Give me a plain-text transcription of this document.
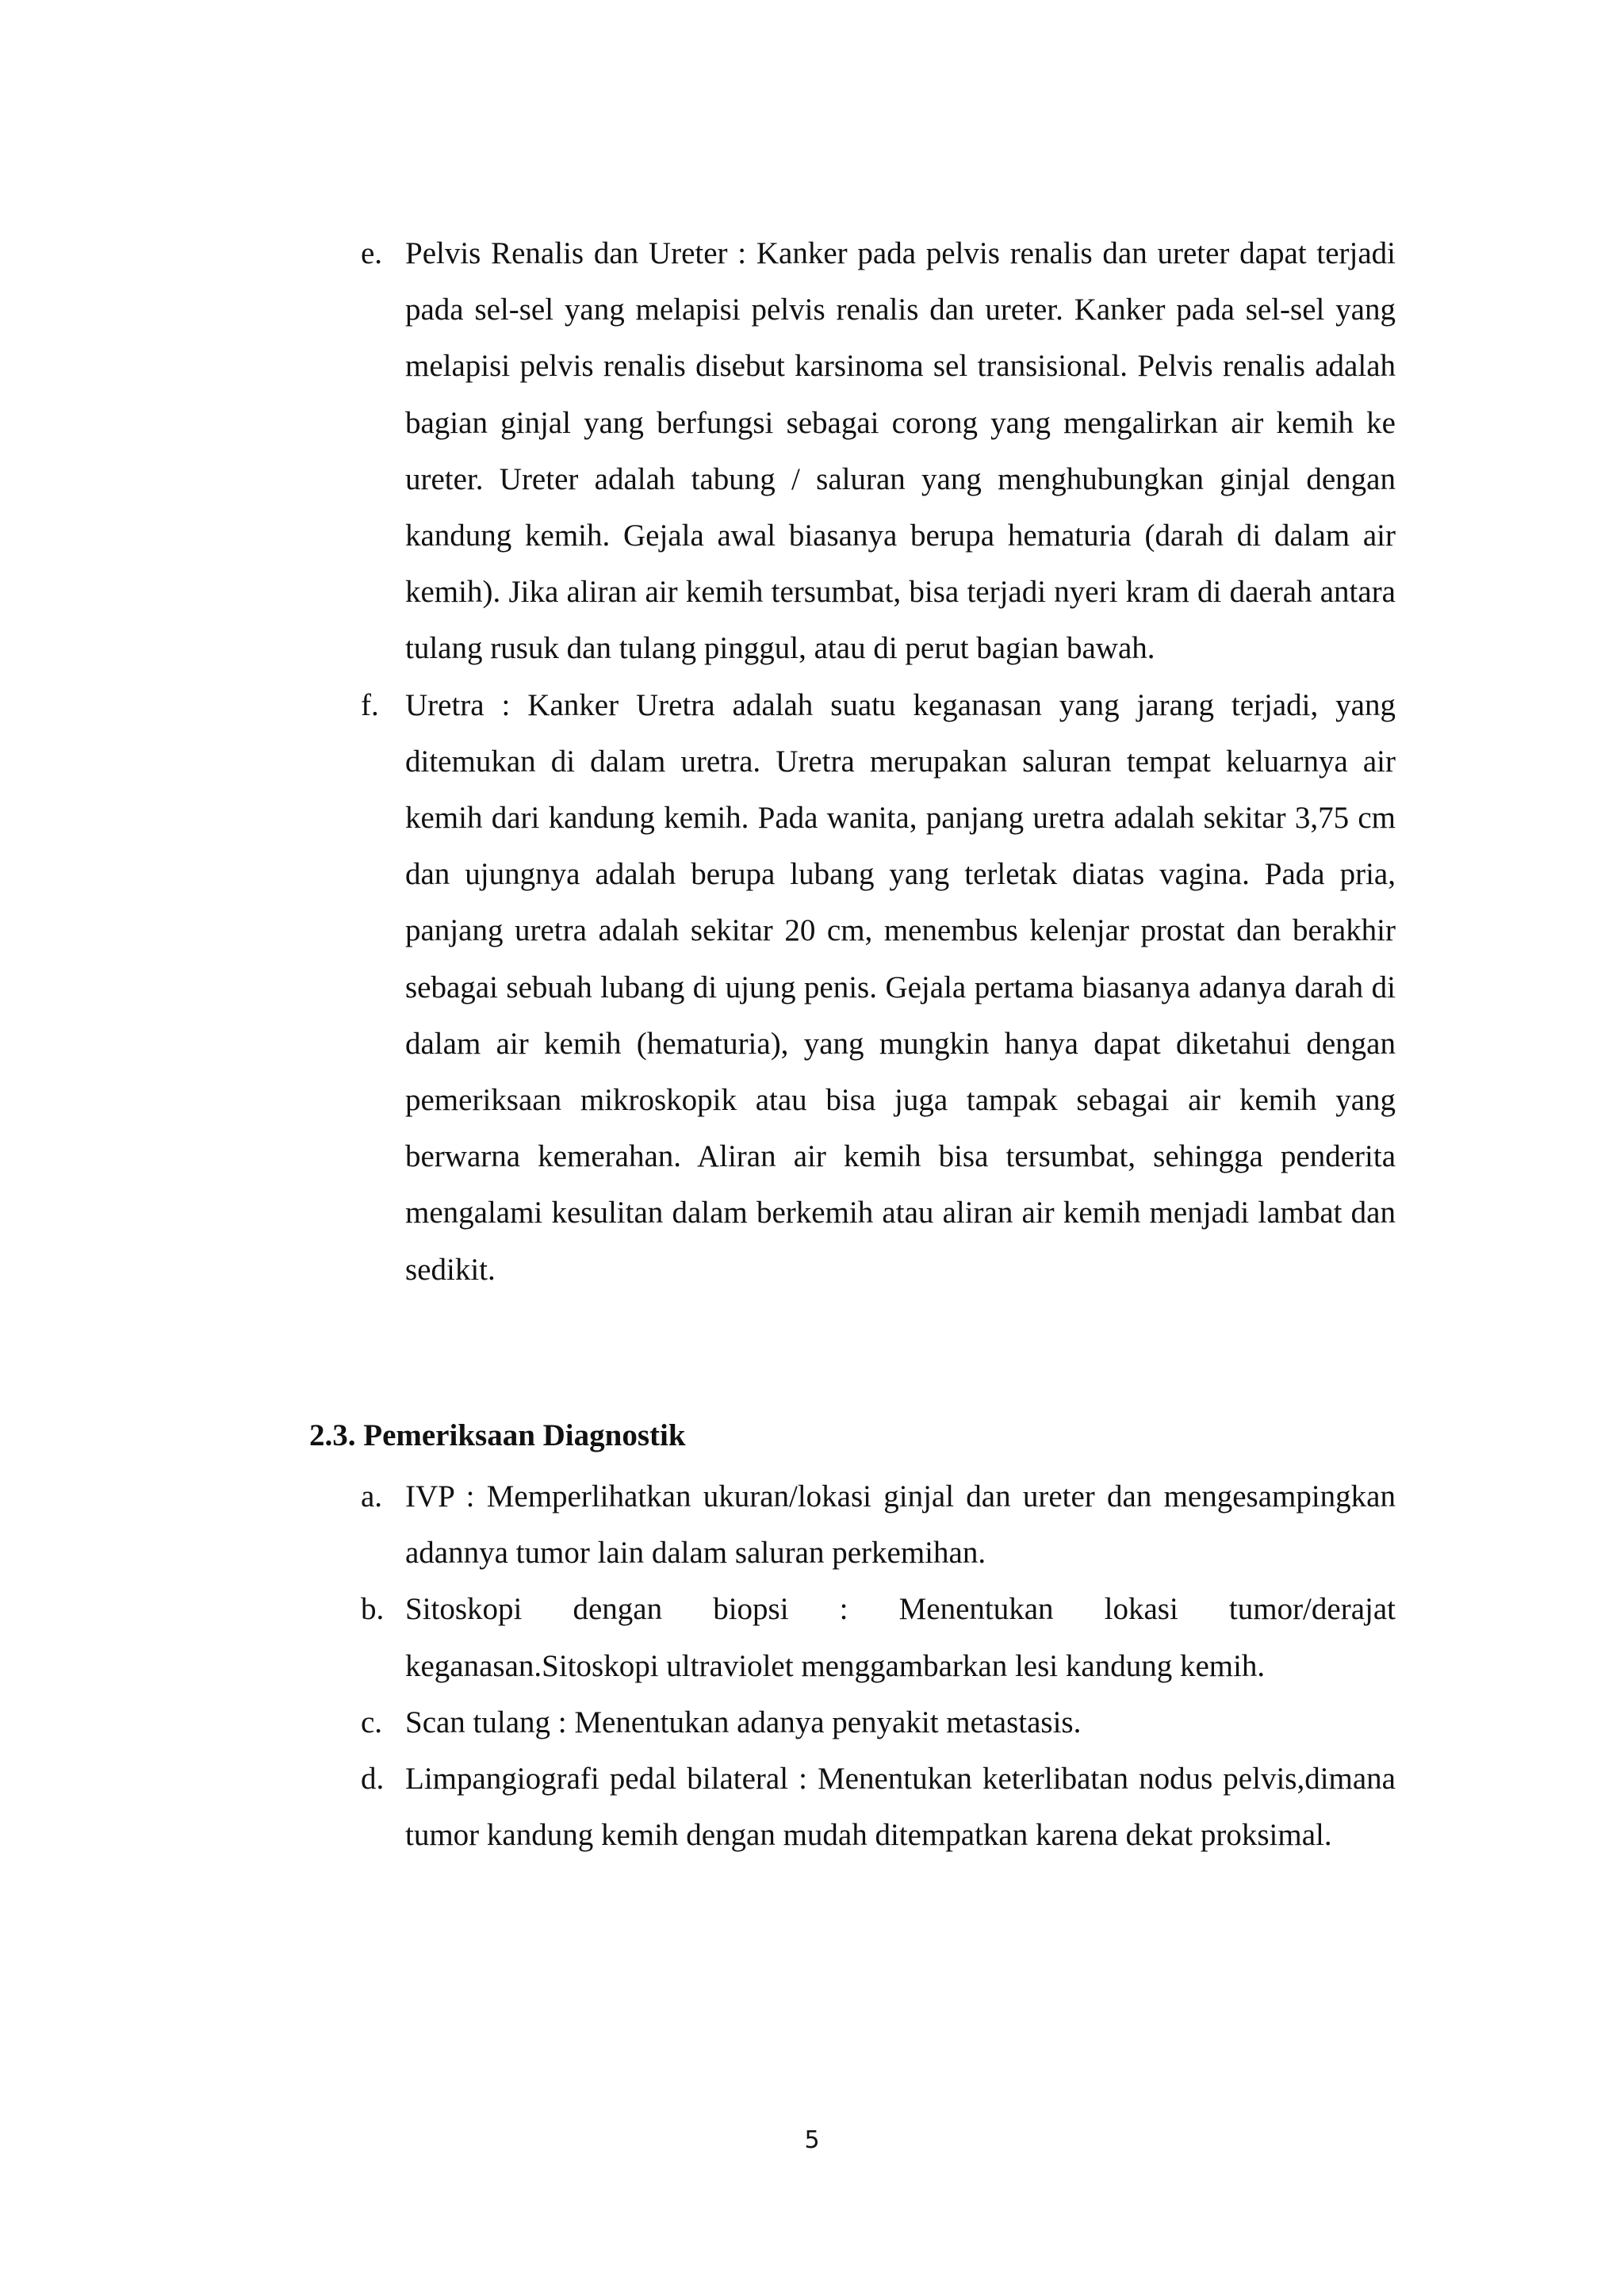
e. Pelvis Renalis dan Ureter : Kanker pada pelvis renalis dan ureter dapat terjadi pada sel-sel yang melapisi pelvis renalis dan ureter. Kanker pada sel-sel yang melapisi pelvis renalis disebut karsinoma sel transisional. Pelvis renalis adalah bagian ginjal yang berfungsi sebagai corong yang mengalirkan air kemih ke ureter. Ureter adalah tabung / saluran yang menghubungkan ginjal dengan kandung kemih. Gejala awal biasanya berupa hematuria (darah di dalam air kemih). Jika aliran air kemih tersumbat, bisa terjadi nyeri kram di daerah antara tulang rusuk dan tulang pinggul, atau di perut bagian bawah.
f. Uretra : Kanker Uretra adalah suatu keganasan yang jarang terjadi, yang ditemukan di dalam uretra. Uretra merupakan saluran tempat keluarnya air kemih dari kandung kemih. Pada wanita, panjang uretra adalah sekitar 3,75 cm dan ujungnya adalah berupa lubang yang terletak diatas vagina. Pada pria, panjang uretra adalah sekitar 20 cm, menembus kelenjar prostat dan berakhir sebagai sebuah lubang di ujung penis. Gejala pertama biasanya adanya darah di dalam air kemih (hematuria), yang mungkin hanya dapat diketahui dengan pemeriksaan mikroskopik atau bisa juga tampak sebagai air kemih yang berwarna kemerahan. Aliran air kemih bisa tersumbat, sehingga penderita mengalami kesulitan dalam berkemih atau aliran air kemih menjadi lambat dan sedikit.
2.3. Pemeriksaan Diagnostik
a. IVP : Memperlihatkan ukuran/lokasi ginjal dan ureter dan mengesampingkan adannya tumor lain dalam saluran perkemihan.
b. Sitoskopi dengan biopsi : Menentukan lokasi tumor/derajat keganasan.Sitoskopi ultraviolet menggambarkan lesi kandung kemih.
c. Scan tulang : Menentukan adanya penyakit metastasis.
d. Limpangiografi pedal bilateral : Menentukan keterlibatan nodus pelvis,dimana tumor kandung kemih dengan mudah ditempatkan karena dekat proksimal.
5
